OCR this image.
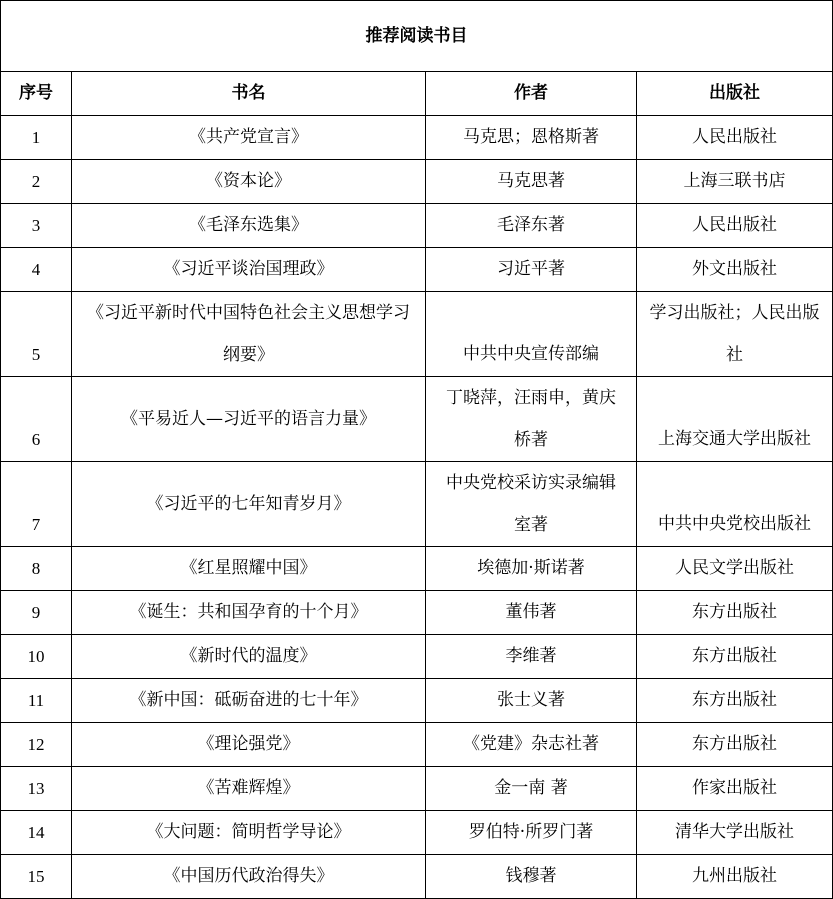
推荐阅读书目			
序号	书名	作者	出版社
1	《共产党宣言》	马克思；恩格斯著	人民出版社
2	《资本论》	马克思著	上海三联书店
3	《毛泽东选集》	毛泽东著	人民出版社
4	《习近平谈治国理政》	习近平著	外文出版社
5	《习近平新时代中国特色社会主义思想学习纲要》	中共中央宣传部编	学习出版社；人民出版社

6	《平易近人—习近平的语言力量》	丁晓萍，汪雨申，黄庆桥著	上海交通大学出版社
7	《习近平的七年知青岁月》	中央党校采访实录编辑室著	中共中央党校出版社
8	《红星照耀中国》	埃德加·斯诺著	人民文学出版社
9	《诞生：共和国孕育的十个月》	董伟著	东方出版社
10	《新时代的温度》	李维著	东方出版社
11	《新中国：砥砺奋进的七十年》	张士义著	东方出版社
12	《理论强党》	《党建》杂志社著	东方出版社
13	《苦难辉煌》	金一南 著	作家出版社
14	《大问题：简明哲学导论》	罗伯特·所罗门著	清华大学出版社
15	《中国历代政治得失》	钱穆著	九州出版社
